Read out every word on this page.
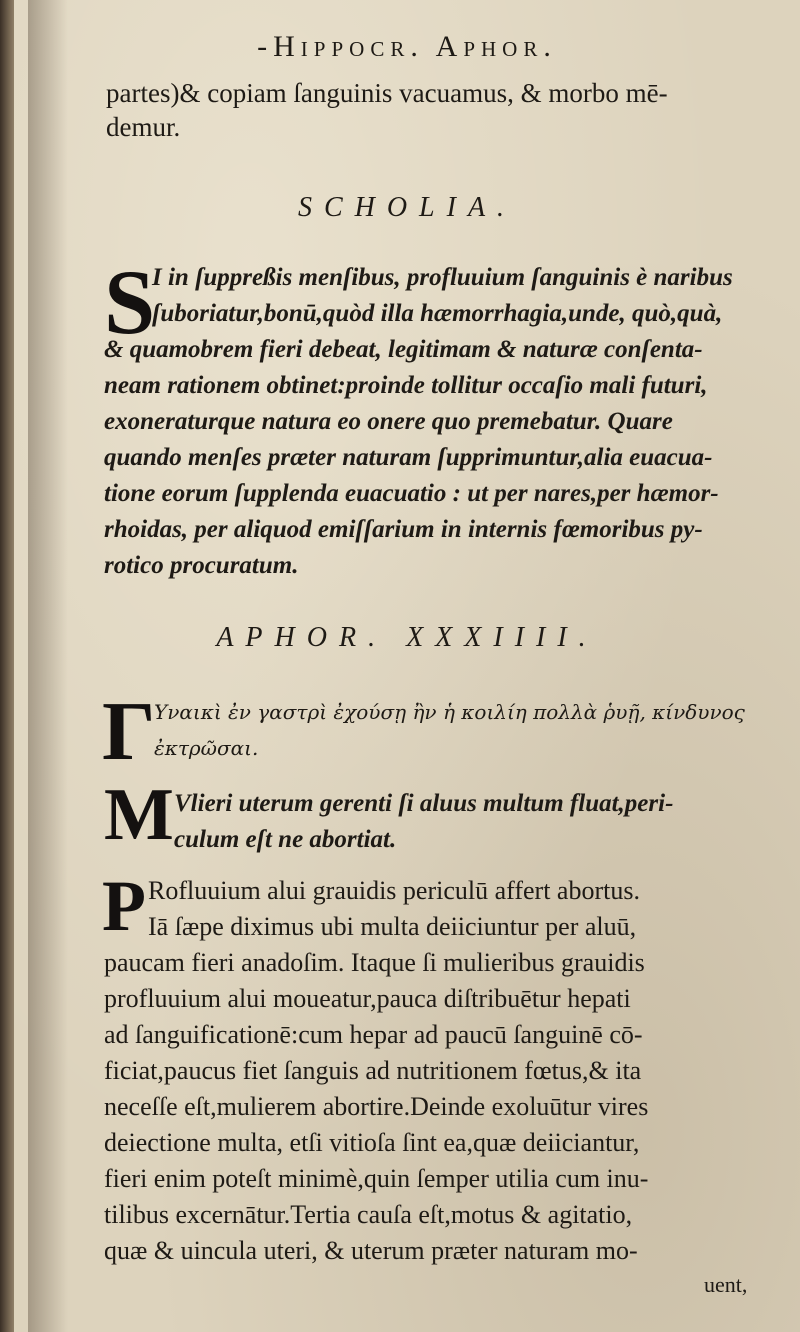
-Hippocr. Aphor.
partes)& copiam ſanguinis vacuamus, & morbo mē-
demur.
SCHOLIA.
S
I in ſuppreßis menſibus, profluuium ſanguinis è naribus
ſuboriatur,bonū,quòd illa hæmorrhagia,unde, quò,quà,
& quamobrem fieri debeat, legitimam & naturæ conſenta-
neam rationem obtinet:proinde tollitur occaſio mali futuri,
exoneraturque natura eo onere quo premebatur. Quare
quando menſes præter naturam ſupprimuntur,alia euacua-
tione eorum ſupplenda euacuatio : ut per nares,per hæmor-
rhoidas, per aliquod emiſſarium in internis fœmoribus py-
rotico procuratum.
APHOR. XXXIIII.
Γ
Υναικὶ ἐν γαστρὶ ἐχούσῃ ἢν ἡ κοιλίη πολλὰ ῥυῇ, κίνδυνος
ἐκτρῶσαι.
M Vlieri uterum gerenti ſi aluus multum fluat,peri-
culum eſt ne abortiat.
P Rofluuium alui grauidis periculū affert abortus.
Iā ſæpe diximus ubi multa deiiciuntur per aluū,
paucam fieri anadoſim. Itaque ſi mulieribus grauidis
profluuium alui moueatur,pauca diſtribuētur hepati
ad ſanguificationē:cum hepar ad paucū ſanguinē cō-
ficiat,paucus fiet ſanguis ad nutritionem fœtus,& ita
neceſſe eſt,mulierem abortire.Deinde exoluūtur vires
deiectione multa, etſi vitioſa ſint ea,quæ deiiciantur,
fieri enim poteſt minimè,quin ſemper utilia cum inu-
tilibus excernātur.Tertia cauſa eſt,motus & agitatio,
quæ & uincula uteri, & uterum præter naturam mo-
uent,
